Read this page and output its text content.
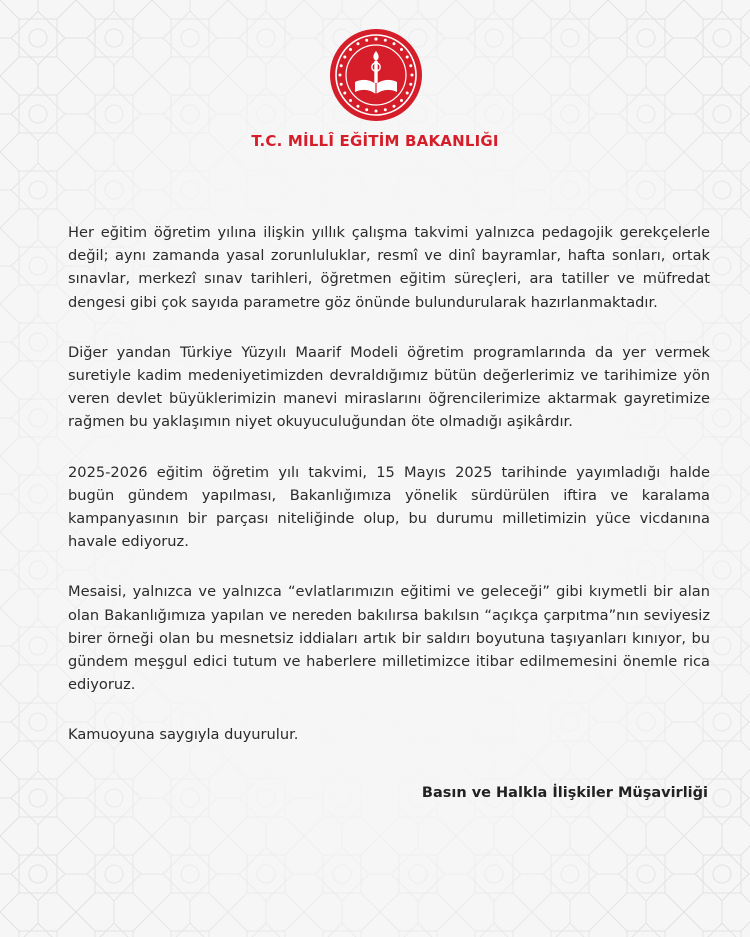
T.C. MİLLÎ EĞİTİM BAKANLIĞI

Her eğitim öğretim yılına ilişkin yıllık çalışma takvimi yalnızca pedagojik gerekçelerle değil; aynı zamanda yasal zorunluluklar, resmî ve dinî bayramlar, hafta sonları, ortak sınavlar, merkezî sınav tarihleri, öğretmen eğitim süreçleri, ara tatiller ve müfredat dengesi gibi çok sayıda parametre göz önünde bulundurularak hazırlanmaktadır.

Diğer yandan Türkiye Yüzyılı Maarif Modeli öğretim programlarında da yer vermek suretiyle kadim medeniyetimizden devraldığımız bütün değerlerimiz ve tarihimize yön veren devlet büyüklerimizin manevi miraslarını öğrencilerimize aktarmak gayretimize rağmen bu yaklaşımın niyet okuyuculuğundan öte olmadığı aşikârdır.

2025-2026 eğitim öğretim yılı takvimi, 15 Mayıs 2025 tarihinde yayımladığı halde bugün gündem yapılması, Bakanlığımıza yönelik sürdürülen iftira ve karalama kampanyasının bir parçası niteliğinde olup, bu durumu milletimizin yüce vicdanına havale ediyoruz.

Mesaisi, yalnızca ve yalnızca “evlatlarımızın eğitimi ve geleceği” gibi kıymetli bir alan olan Bakanlığımıza yapılan ve nereden bakılırsa bakılsın “açıkça çarpıtma”nın seviyesiz birer örneği olan bu mesnetsiz iddiaları artık bir saldırı boyutuna taşıyanları kınıyor, bu gündem meşgul edici tutum ve haberlere milletimizce itibar edilmemesini önemle rica ediyoruz.

Kamuoyuna saygıyla duyurulur.

Basın ve Halkla İlişkiler Müşavirliği
